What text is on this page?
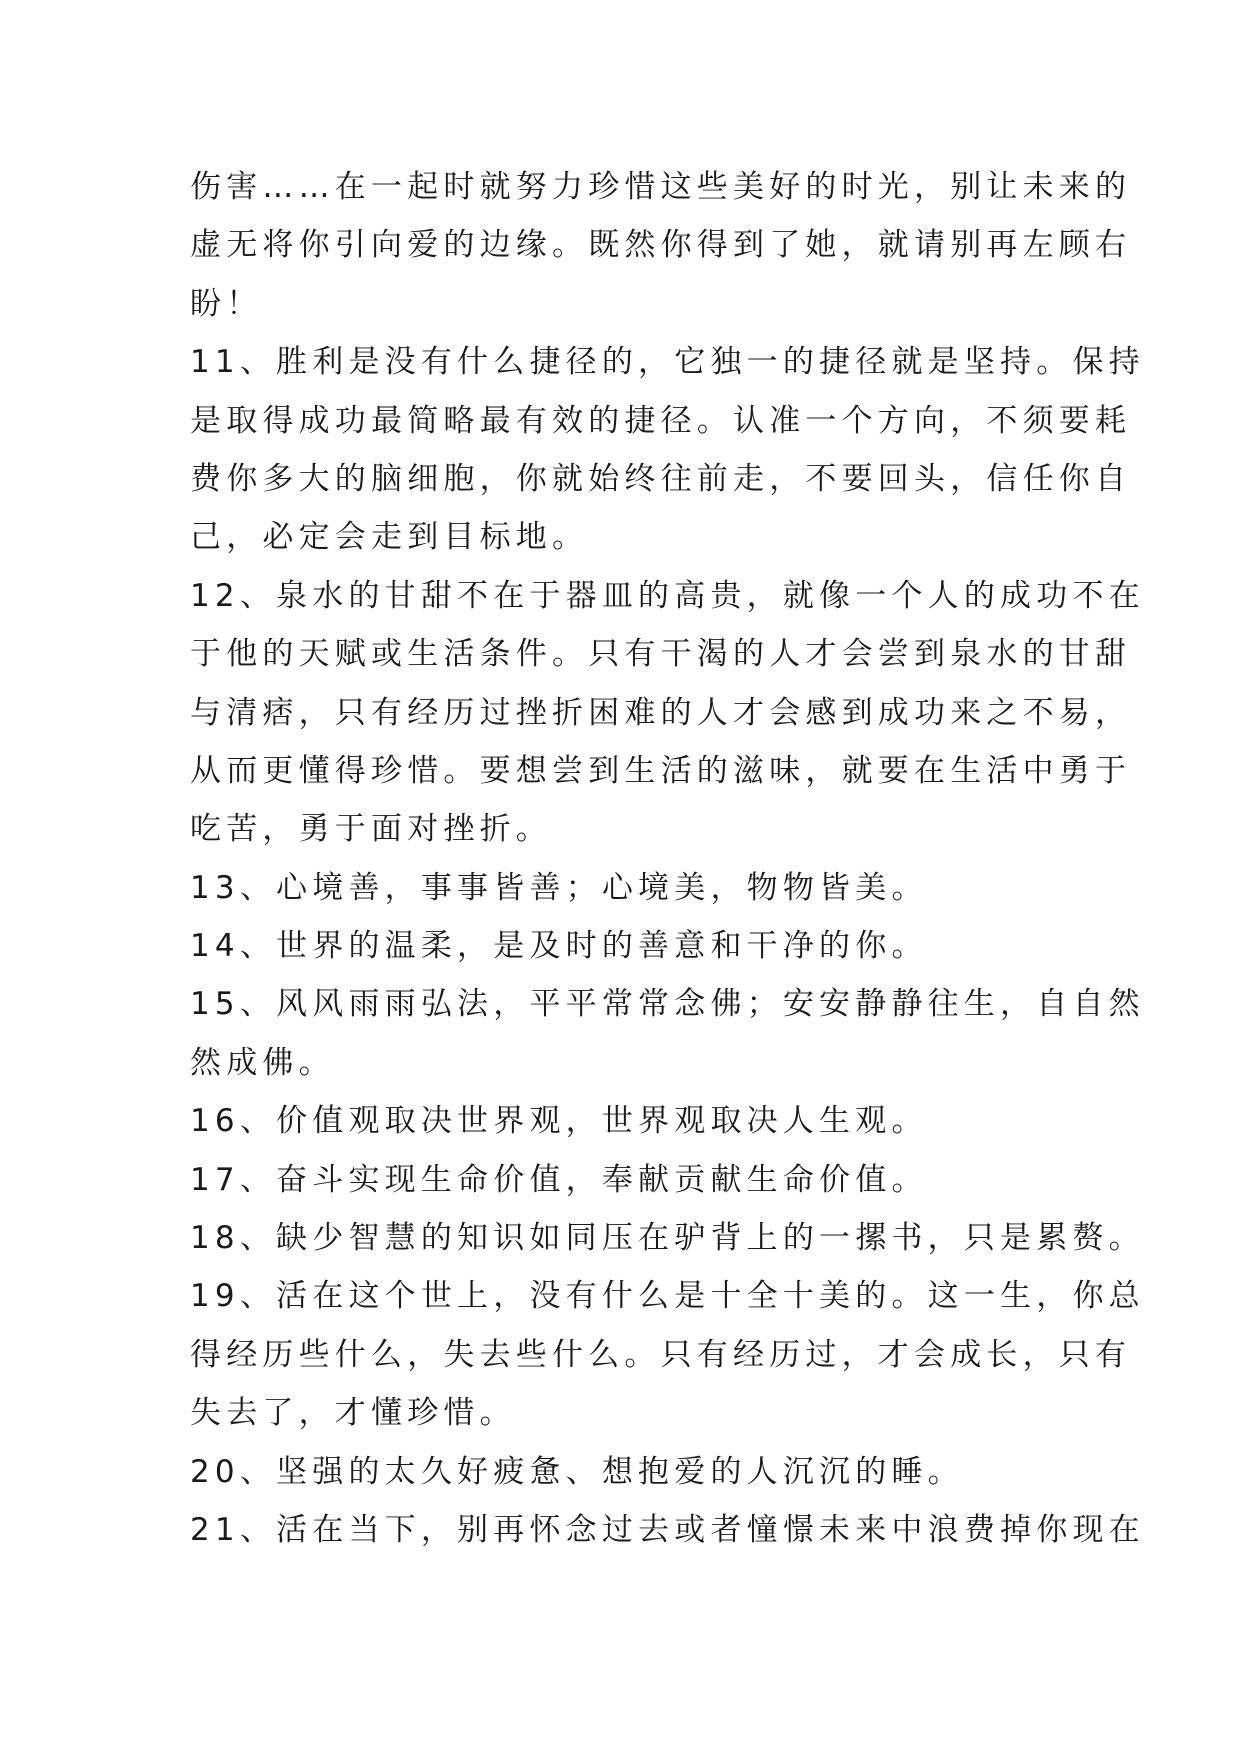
伤害……在一起时就努力珍惜这些美好的时光，别让未来的
虚无将你引向爱的边缘。既然你得到了她，就请别再左顾右
盼！
11、胜利是没有什么捷径的，它独一的捷径就是坚持。保持
是取得成功最简略最有效的捷径。认准一个方向，不须要耗
费你多大的脑细胞，你就始终往前走，不要回头，信任你自
己，必定会走到目标地。
12、泉水的甘甜不在于器皿的高贵，就像一个人的成功不在
于他的天赋或生活条件。只有干渴的人才会尝到泉水的甘甜
与清痞，只有经历过挫折困难的人才会感到成功来之不易，
从而更懂得珍惜。要想尝到生活的滋味，就要在生活中勇于
吃苦，勇于面对挫折。
13、心境善，事事皆善；心境美，物物皆美。
14、世界的温柔，是及时的善意和干净的你。
15、风风雨雨弘法，平平常常念佛；安安静静往生，自自然
然成佛。
16、价值观取决世界观，世界观取决人生观。
17、奋斗实现生命价值，奉献贡献生命价值。
18、缺少智慧的知识如同压在驴背上的一摞书，只是累赘。
19、活在这个世上，没有什么是十全十美的。这一生，你总
得经历些什么，失去些什么。只有经历过，才会成长，只有
失去了，才懂珍惜。
20、坚强的太久好疲惫、想抱爱的人沉沉的睡。
21、活在当下，别再怀念过去或者憧憬未来中浪费掉你现在
